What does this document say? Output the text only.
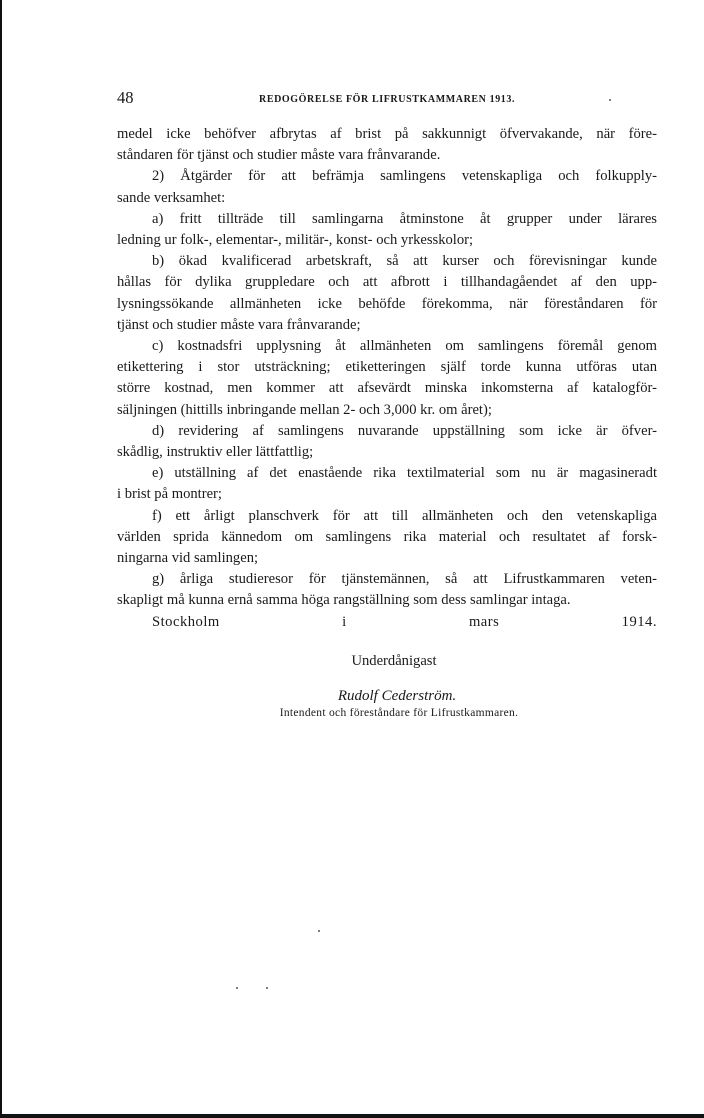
48	REDOGÖRELSE FÖR LIFRUSTKAMMAREN 1913.

medel icke behöfver afbrytas af brist på sakkunnigt öfvervakande, när före-

ståndaren för tjänst och studier måste vara frånvarande.

2) Åtgärder för att befrämja samlingens vetenskapliga och folkupply-

sande verksamhet:

a) fritt tillträde till samlingarna åtminstone åt grupper under lärares

ledning ur folk-, elementar-, militär-, konst- och yrkesskolor;

b) ökad kvalificerad arbetskraft, så att kurser och förevisningar kunde

hållas för dylika gruppledare och att afbrott i tillhandagåendet af den upp-

lysningssökande allmänheten icke behöfde förekomma, när föreståndaren för

tjänst och studier måste vara frånvarande;

c) kostnadsfri upplysning åt allmänheten om samlingens föremål genom

etikettering i stor utsträckning; etiketteringen själf torde kunna utföras utan

större kostnad, men kommer att afsevärdt minska inkomsterna af katalogför-

säljningen (hittills inbringande mellan 2- och 3,000 kr. om året);

d) revidering af samlingens nuvarande uppställning som icke är öfver-

skådlig, instruktiv eller lättfattlig;

e) utställning af det enastående rika textilmaterial som nu är magasineradt

i brist på montrer;

f) ett årligt planschverk för att till allmänheten och den vetenskapliga

världen sprida kännedom om samlingens rika material och resultatet af forsk-

ningarna vid samlingen;

g) årliga studieresor för tjänstemännen, så att Lifrustkammaren veten-

skapligt må kunna ernå samma höga rangställning som dess samlingar intaga.

Stockholm i mars 1914.

Underdånigast
Rudolf Cederström.
Intendent och föreståndare för Lifrustkammaren.
